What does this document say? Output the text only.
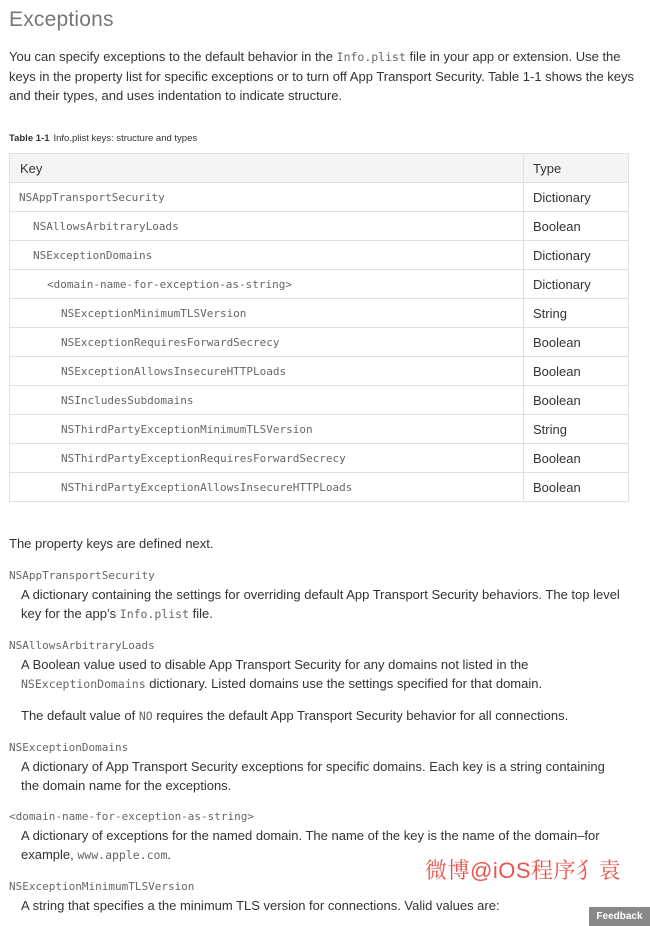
Exceptions

You can specify exceptions to the default behavior in the Info.plist file in your app or extension. Use the keys in the property list for specific exceptions or to turn off App Transport Security. Table 1-1 shows the keys and their types, and uses indentation to indicate structure.

Table 1-1 Info.plist keys: structure and types

Key	Type
NSAppTransportSecurity	Dictionary
NSAllowsArbitraryLoads	Boolean
NSExceptionDomains	Dictionary
<domain-name-for-exception-as-string>	Dictionary
NSExceptionMinimumTLSVersion	String
NSExceptionRequiresForwardSecrecy	Boolean
NSExceptionAllowsInsecureHTTPLoads	Boolean
NSIncludesSubdomains	Boolean
NSThirdPartyExceptionMinimumTLSVersion	String
NSThirdPartyExceptionRequiresForwardSecrecy	Boolean
NSThirdPartyExceptionAllowsInsecureHTTPLoads	Boolean

The property keys are defined next.

NSAppTransportSecurity

A dictionary containing the settings for overriding default App Transport Security behaviors. The top level key for the app’s Info.plist file.

NSAllowsArbitraryLoads

A Boolean value used to disable App Transport Security for any domains not listed in the NSExceptionDomains dictionary. Listed domains use the settings specified for that domain.

The default value of NO requires the default App Transport Security behavior for all connections.

NSExceptionDomains

A dictionary of App Transport Security exceptions for specific domains. Each key is a string containing the domain name for the exceptions.

<domain-name-for-exception-as-string>

A dictionary of exceptions for the named domain. The name of the key is the name of the domain–for example, www.apple.com.

NSExceptionMinimumTLSVersion

A string that specifies a the minimum TLS version for connections. Valid values are:

微博@iOS程序犭袁

Feedback
